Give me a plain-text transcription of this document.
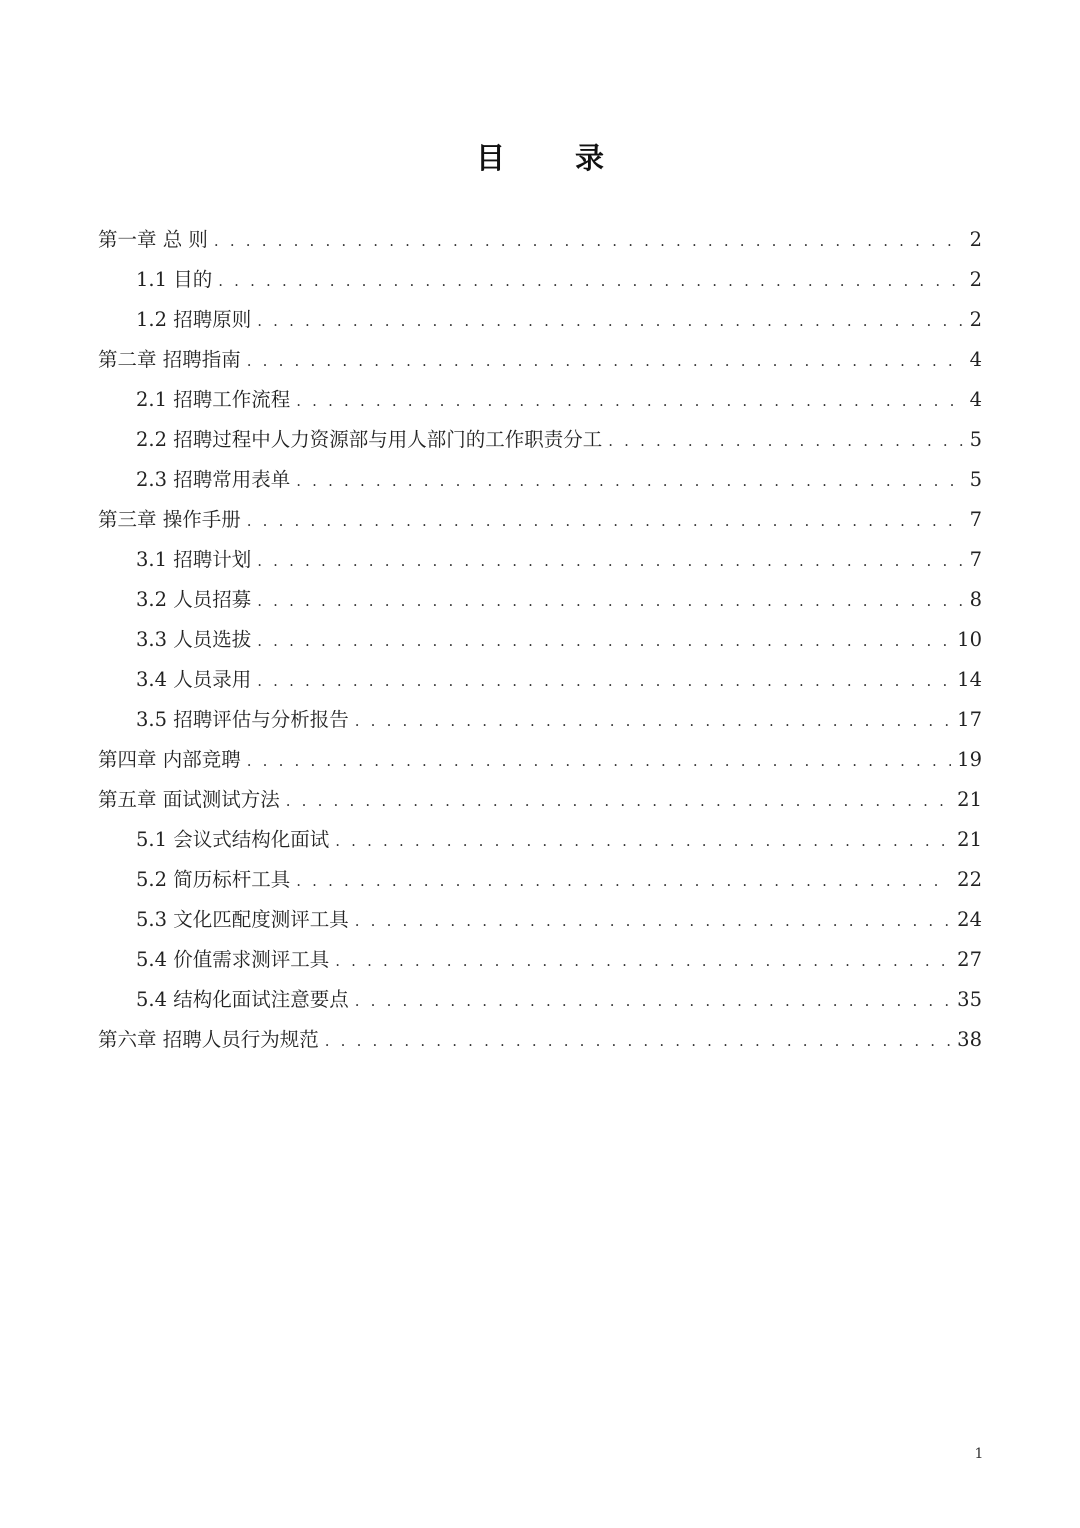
目 录
第一章 总 则 . . .	2
1.1 目的 . . .	2
1.2 招聘原则 . . .	2
第二章 招聘指南 . . .	4
2.1 招聘工作流程 . . .	4
2.2 招聘过程中人力资源部与用人部门的工作职责分工 . . .	5
2.3 招聘常用表单 . . .	5
第三章 操作手册 . . .	7
3.1 招聘计划 . . .	7
3.2 人员招募 . . .	8
3.3 人员选拔 . . .	10
3.4 人员录用 . . .	14
3.5 招聘评估与分析报告 . . .	17
第四章 内部竞聘 . . .	19
第五章 面试测试方法 . . .	21
5.1 会议式结构化面试 . . .	21
5.2 简历标杆工具 . . .	22
5.3 文化匹配度测评工具 . . .	24
5.4 价值需求测评工具 . . .	27
5.4 结构化面试注意要点 . . .	35
第六章 招聘人员行为规范 . . .	38
1
